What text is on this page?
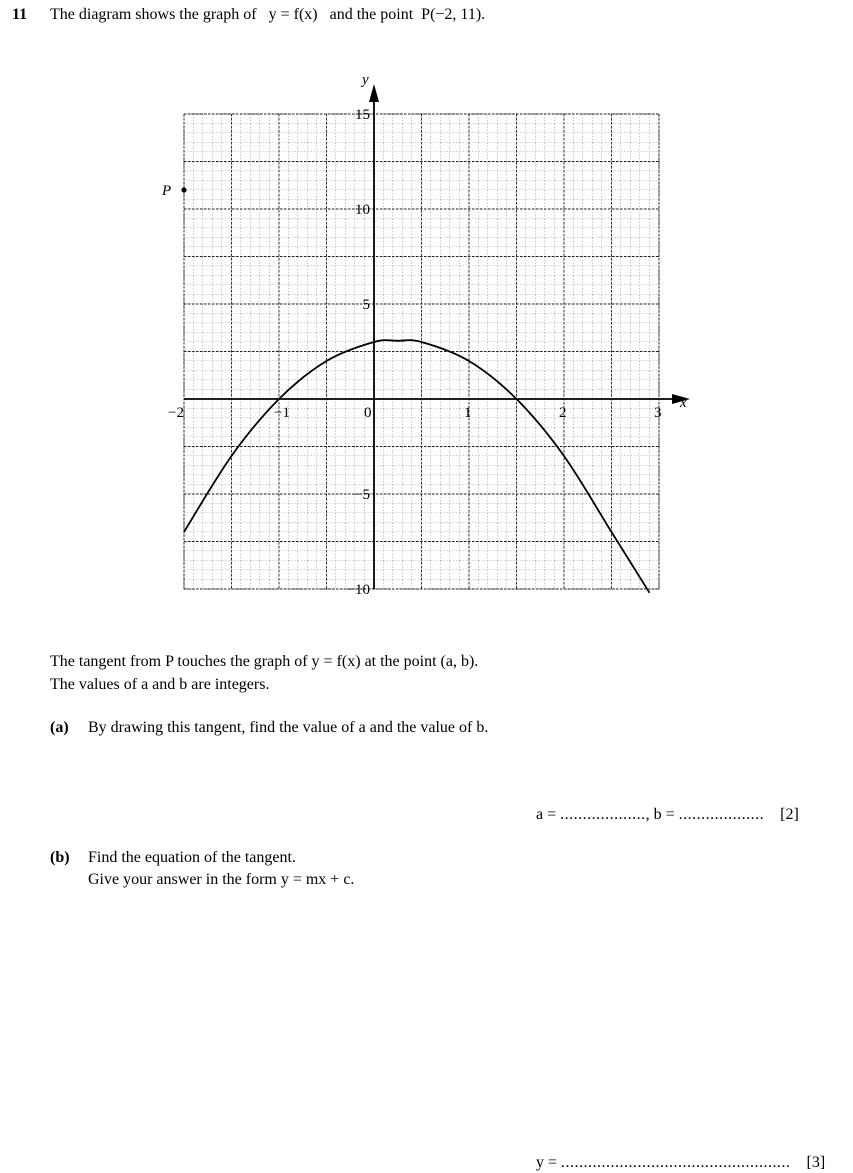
11 The diagram shows the graph of y = f(x) and the point P(−2, 11).
x
y
−2	−1	0	1	2	3
15
10
5
−5
−10
P
The tangent from P touches the graph of y = f(x) at the point (a, b).
The values of a and b are integers.
(a) By drawing this tangent, find the value of a and the value of b.
a = ..................., b = ................... [2]
(b) Find the equation of the tangent.
Give your answer in the form y = mx + c.
y = ................................................... [3]
